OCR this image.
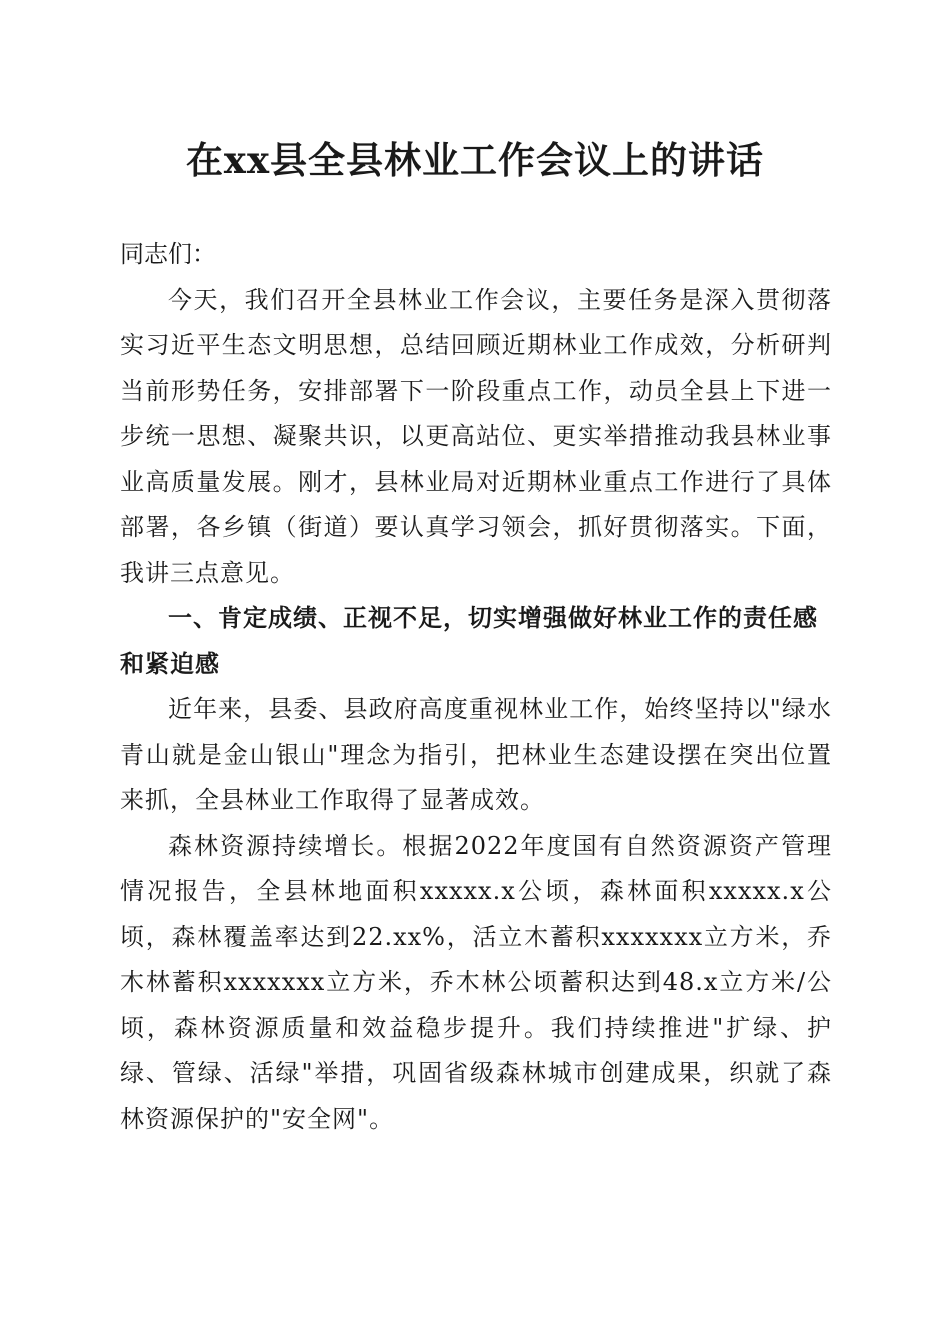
在xx县全县林业工作会议上的讲话

同志们：

今天，我们召开全县林业工作会议，主要任务是深入贯彻落实习近平生态文明思想，总结回顾近期林业工作成效，分析研判当前形势任务，安排部署下一阶段重点工作，动员全县上下进一步统一思想、凝聚共识，以更高站位、更实举措推动我县林业事业高质量发展。刚才，县林业局对近期林业重点工作进行了具体部署，各乡镇（街道）要认真学习领会，抓好贯彻落实。下面，我讲三点意见。

一、肯定成绩、正视不足，切实增强做好林业工作的责任感和紧迫感

近年来，县委、县政府高度重视林业工作，始终坚持以"绿水青山就是金山银山"理念为指引，把林业生态建设摆在突出位置来抓，全县林业工作取得了显著成效。

森林资源持续增长。根据2022年度国有自然资源资产管理情况报告，全县林地面积xxxxx.x公顷，森林面积xxxxx.x公顷，森林覆盖率达到22.xx%，活立木蓄积xxxxxxx立方米，乔木林蓄积xxxxxxx立方米，乔木林公顷蓄积达到48.x立方米/公顷，森林资源质量和效益稳步提升。我们持续推进"扩绿、护绿、管绿、活绿"举措，巩固省级森林城市创建成果，织就了森林资源保护的"安全网"。
